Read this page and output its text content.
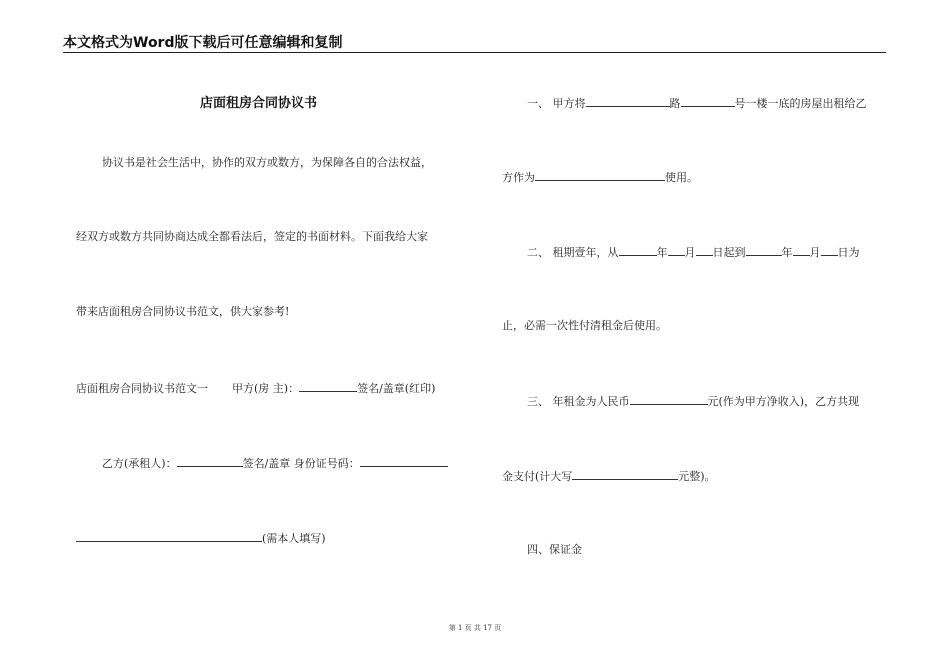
本文格式为Word版下载后可任意编辑和复制
店面租房合同协议书
协议书是社会生活中，协作的双方或数方，为保障各自的合法权益，
经双方或数方共同协商达成全都看法后，签定的书面材料。下面我给大家
带来店面租房合同协议书范文，供大家参考!
店面租房合同协议书范文一 甲方(房 主)：	签名/盖章(红印)
乙方(承租人)：	签名/盖章 身份证号码：
(需本人填写)
一、 甲方将	路	号一楼一底的房屋出租给乙
方作为	使用。
二、 租期壹年，从	年 月 日起到	年 月 日为
止，必需一次性付清租金后使用。
三、 年租金为人民币	元(作为甲方净收入)，乙方共现
金支付(计大写	元整)。
四、保证金
第 1 页 共 17 页
